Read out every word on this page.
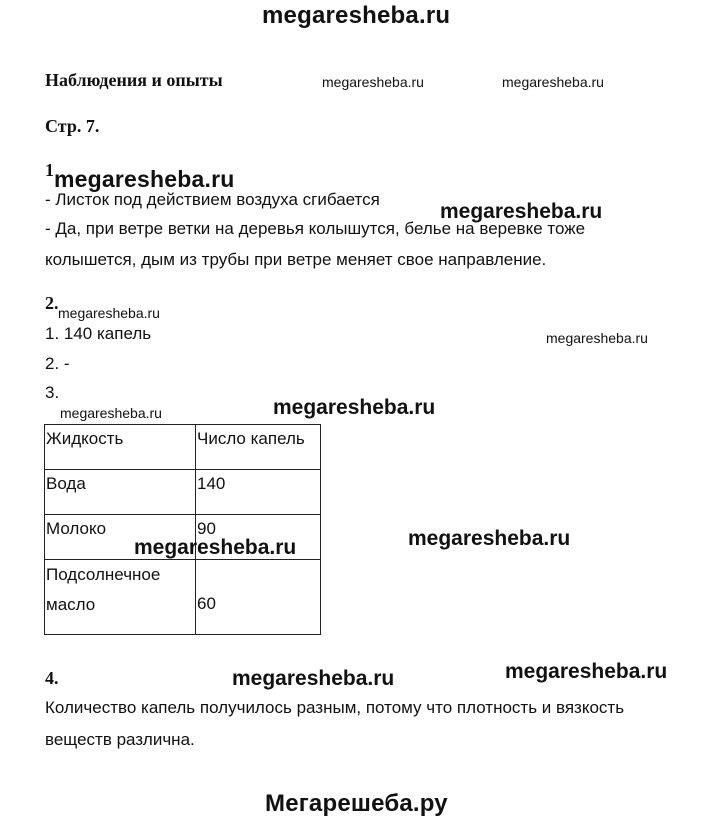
megaresheba.ru
Наблюдения и опыты	megaresheba.ru	megaresheba.ru
Стр. 7.
1 megaresheba.ru
- Листок под действием воздуха сгибается
megaresheba.ru
- Да, при ветре ветки на деревья колышутся, белье на веревке тоже
колышется, дым из трубы при ветре меняет свое направление.
2. megaresheba.ru
1. 140 капель	megaresheba.ru
2. -
3.
megaresheba.ru	megaresheba.ru
Жидкость	Число капель
Вода	140
Молоко	90

Подсолнечное
масло	60
megaresheba.ru	megaresheba.ru
4.	megaresheba.ru	megaresheba.ru
Количество капель получилось разным, потому что плотность и вязкость
веществ различна.
Мегарешеба.ру
